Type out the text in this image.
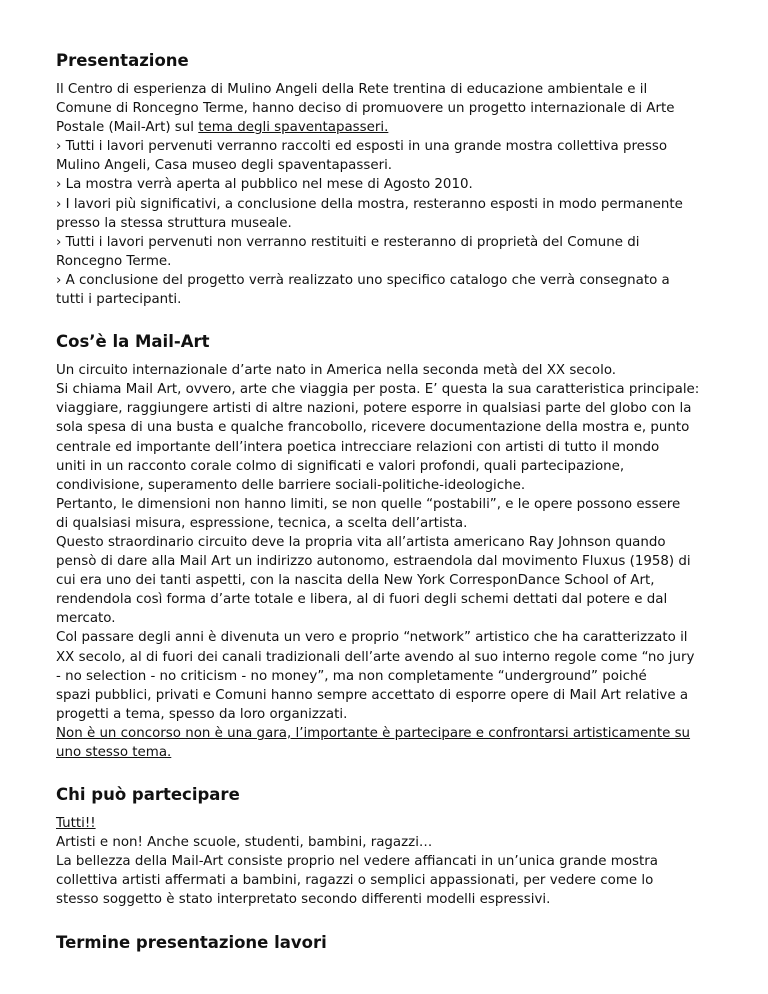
Presentazione
Il Centro di esperienza di Mulino Angeli della Rete trentina di educazione ambientale e il
Comune di Roncegno Terme, hanno deciso di promuovere un progetto internazionale di Arte
Postale (Mail-Art) sul tema degli spaventapasseri.
› Tutti i lavori pervenuti verranno raccolti ed esposti in una grande mostra collettiva presso
Mulino Angeli, Casa museo degli spaventapasseri.
› La mostra verrà aperta al pubblico nel mese di Agosto 2010.
› I lavori più significativi, a conclusione della mostra, resteranno esposti in modo permanente
presso la stessa struttura museale.
› Tutti i lavori pervenuti non verranno restituiti e resteranno di proprietà del Comune di
Roncegno Terme.
› A conclusione del progetto verrà realizzato uno specifico catalogo che verrà consegnato a
tutti i partecipanti.
Cos’è la Mail-Art
Un circuito internazionale d’arte nato in America nella seconda metà del XX secolo.
Si chiama Mail Art, ovvero, arte che viaggia per posta. E’ questa la sua caratteristica principale:
viaggiare, raggiungere artisti di altre nazioni, potere esporre in qualsiasi parte del globo con la
sola spesa di una busta e qualche francobollo, ricevere documentazione della mostra e, punto
centrale ed importante dell’intera poetica intrecciare relazioni con artisti di tutto il mondo
uniti in un racconto corale colmo di significati e valori profondi, quali partecipazione,
condivisione, superamento delle barriere sociali-politiche-ideologiche.
Pertanto, le dimensioni non hanno limiti, se non quelle “postabili”, e le opere possono essere
di qualsiasi misura, espressione, tecnica, a scelta dell’artista.
Questo straordinario circuito deve la propria vita all’artista americano Ray Johnson quando
pensò di dare alla Mail Art un indirizzo autonomo, estraendola dal movimento Fluxus (1958) di
cui era uno dei tanti aspetti, con la nascita della New York CorresponDance School of Art,
rendendola così forma d’arte totale e libera, al di fuori degli schemi dettati dal potere e dal
mercato.
Col passare degli anni è divenuta un vero e proprio “network” artistico che ha caratterizzato il
XX secolo, al di fuori dei canali tradizionali dell’arte avendo al suo interno regole come “no jury
- no selection - no criticism - no money”, ma non completamente “underground” poiché
spazi pubblici, privati e Comuni hanno sempre accettato di esporre opere di Mail Art relative a
progetti a tema, spesso da loro organizzati.
Non è un concorso non è una gara, l’importante è partecipare e confrontarsi artisticamente su
uno stesso tema.
Chi può partecipare
Tutti!!
Artisti e non! Anche scuole, studenti, bambini, ragazzi…
La bellezza della Mail-Art consiste proprio nel vedere affiancati in un’unica grande mostra
collettiva artisti affermati a bambini, ragazzi o semplici appassionati, per vedere come lo
stesso soggetto è stato interpretato secondo differenti modelli espressivi.
Termine presentazione lavori
